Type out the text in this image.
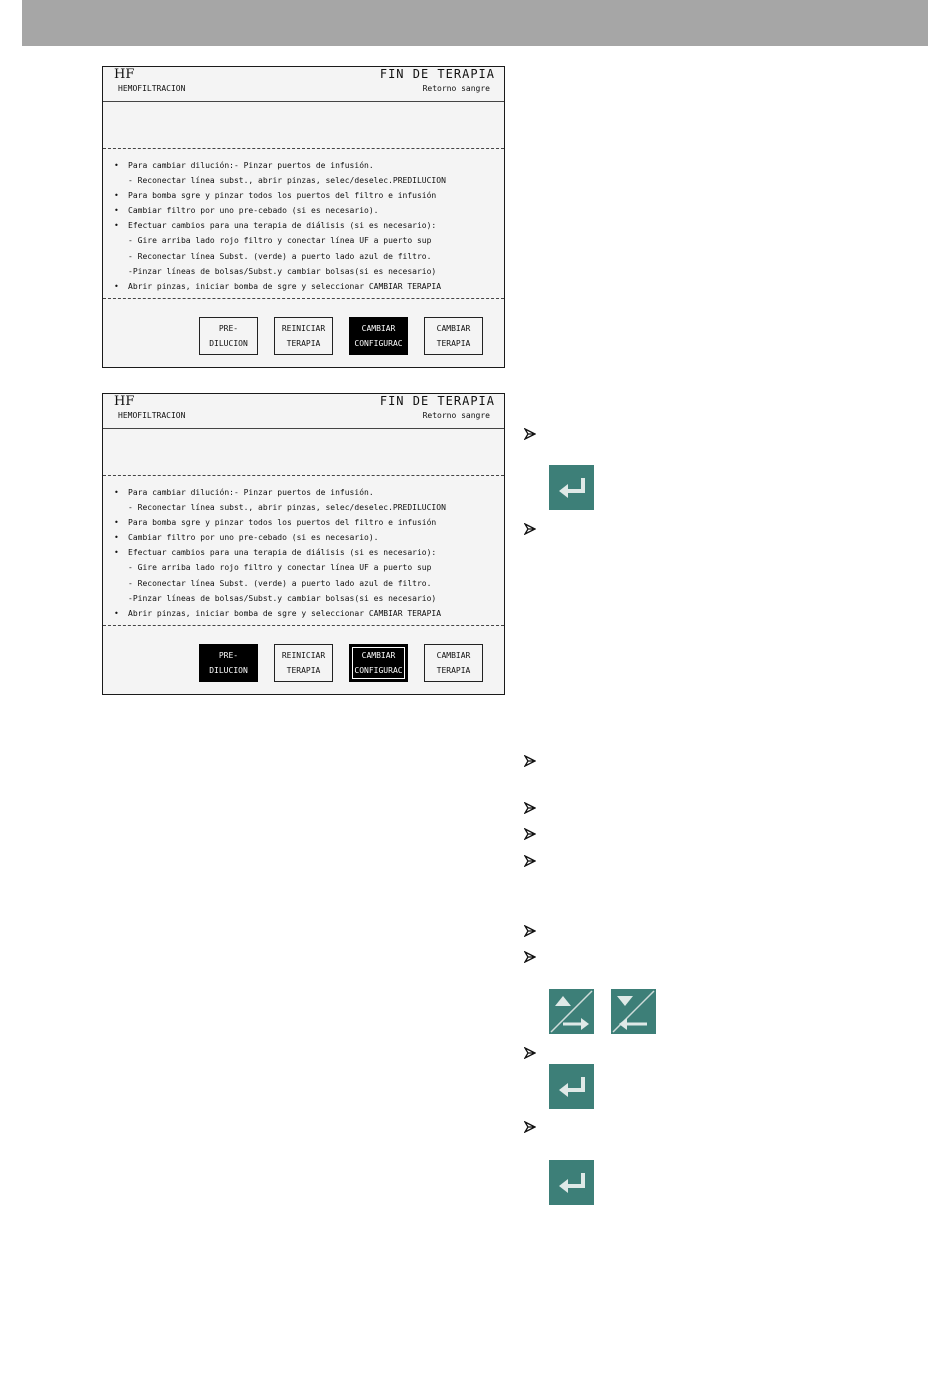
HF	FIN DE TERAPIA
HEMOFILTRACION	Retorno sangre
• Para cambiar dilución:- Pinzar puertos de infusión.
- Reconectar línea subst., abrir pinzas, selec/deselec.PREDILUCION
• Para bomba sgre y pinzar todos los puertos del filtro e infusión
• Cambiar filtro por uno pre-cebado (si es necesario).
• Efectuar cambios para una terapia de diálisis (si es necesario):
- Gire arriba lado rojo filtro y conectar línea UF a puerto sup
- Reconectar línea Subst. (verde) a puerto lado azul de filtro.
-Pinzar líneas de bolsas/Subst.y cambiar bolsas(si es necesario)
• Abrir pinzas, iniciar bomba de sgre y seleccionar CAMBIAR TERAPIA
PRE-
DILUCION
REINICIAR
TERAPIA
CAMBIAR
CONFIGURAC
CAMBIAR
TERAPIA
HF	FIN DE TERAPIA
HEMOFILTRACION	Retorno sangre
• Para cambiar dilución:- Pinzar puertos de infusión.
- Reconectar línea subst., abrir pinzas, selec/deselec.PREDILUCION
• Para bomba sgre y pinzar todos los puertos del filtro e infusión
• Cambiar filtro por uno pre-cebado (si es necesario).
• Efectuar cambios para una terapia de diálisis (si es necesario):
- Gire arriba lado rojo filtro y conectar línea UF a puerto sup
- Reconectar línea Subst. (verde) a puerto lado azul de filtro.
-Pinzar líneas de bolsas/Subst.y cambiar bolsas(si es necesario)
• Abrir pinzas, iniciar bomba de sgre y seleccionar CAMBIAR TERAPIA
PRE-
DILUCION
REINICIAR
TERAPIA
CAMBIAR
CONFIGURAC
CAMBIAR
TERAPIA
